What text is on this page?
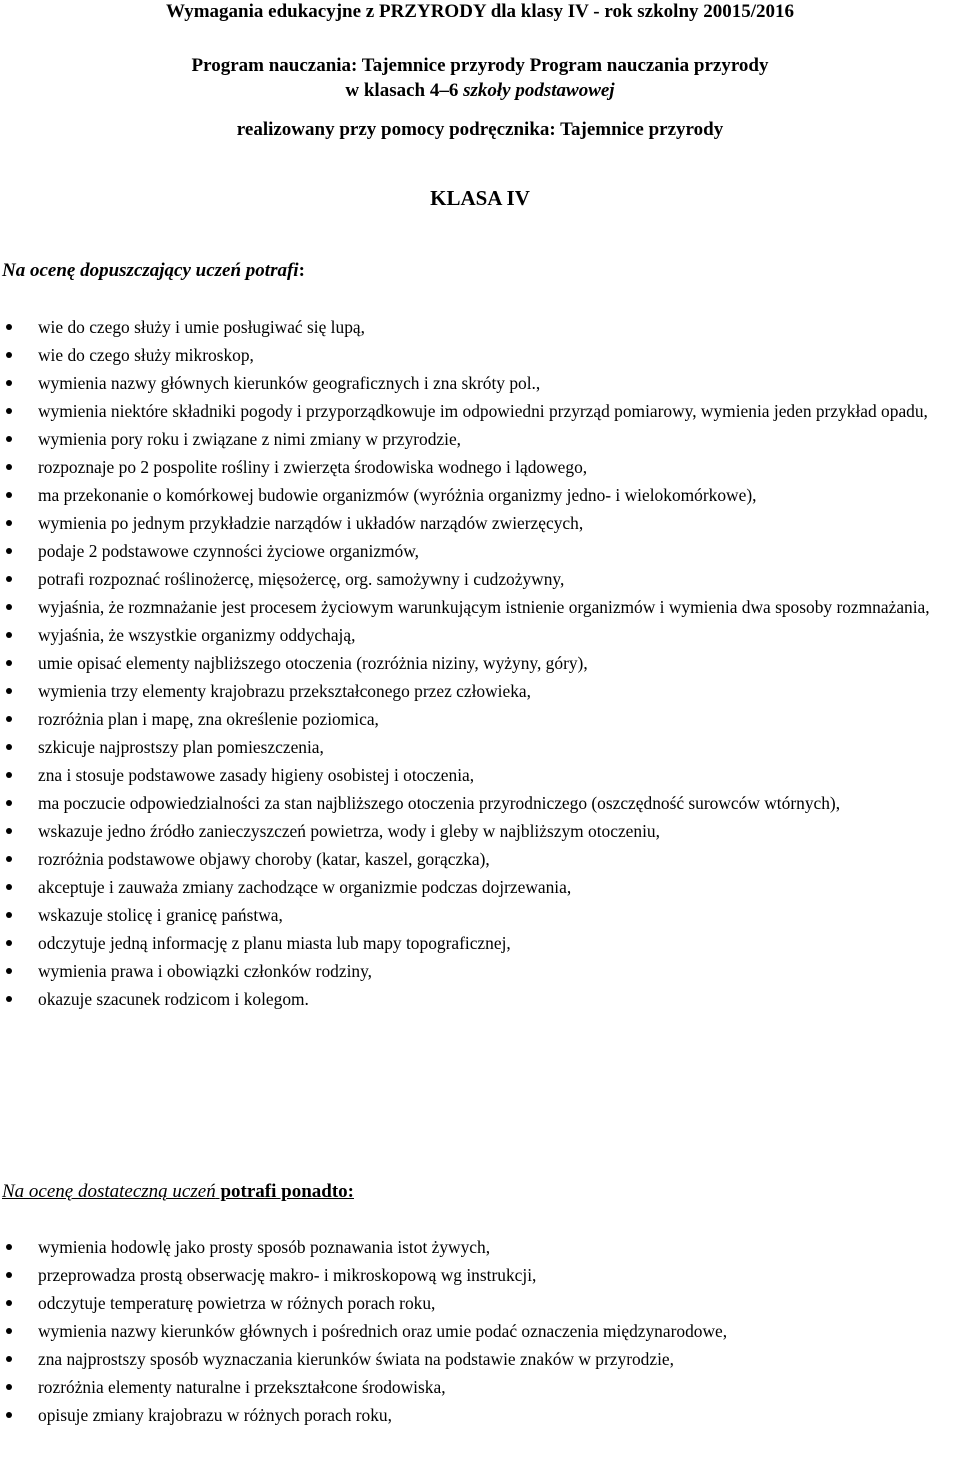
Wymagania edukacyjne z PRZYRODY dla klasy IV - rok szkolny 20015/2016
Program nauczania: Tajemnice przyrody Program nauczania przyrody
w klasach 4–6 szkoły podstawowej
realizowany przy pomocy podręcznika: Tajemnice przyrody
KLASA IV
Na ocenę dopuszczający uczeń potrafi:
wie do czego służy i umie posługiwać się lupą,
wie do czego służy mikroskop,
wymienia nazwy głównych kierunków geograficznych i zna skróty pol.,
wymienia niektóre składniki pogody i przyporządkowuje im odpowiedni przyrząd pomiarowy, wymienia jeden przykład opadu,
wymienia pory roku i związane z nimi zmiany w przyrodzie,
rozpoznaje po 2 pospolite rośliny i zwierzęta środowiska wodnego i lądowego,
ma przekonanie o komórkowej budowie organizmów (wyróżnia organizmy jedno- i wielokomórkowe),
wymienia po jednym przykładzie narządów i układów narządów zwierzęcych,
podaje 2 podstawowe czynności życiowe organizmów,
potrafi rozpoznać roślinożercę, mięsożercę, org. samożywny i cudzożywny,
wyjaśnia, że rozmnażanie jest procesem życiowym warunkującym istnienie organizmów i wymienia dwa sposoby rozmnażania,
wyjaśnia, że wszystkie organizmy oddychają,
umie opisać elementy najbliższego otoczenia (rozróżnia niziny, wyżyny, góry),
wymienia trzy elementy krajobrazu przekształconego przez człowieka,
rozróżnia plan i mapę, zna określenie poziomica,
szkicuje najprostszy plan pomieszczenia,
zna i stosuje podstawowe zasady higieny osobistej i otoczenia,
ma poczucie odpowiedzialności za stan najbliższego otoczenia przyrodniczego (oszczędność surowców wtórnych),
wskazuje jedno źródło zanieczyszczeń powietrza, wody i gleby w najbliższym otoczeniu,
rozróżnia podstawowe objawy choroby (katar, kaszel, gorączka),
akceptuje i zauważa zmiany zachodzące w organizmie podczas dojrzewania,
wskazuje stolicę i granicę państwa,
odczytuje jedną informację z planu miasta lub mapy topograficznej,
wymienia prawa i obowiązki członków rodziny,
okazuje szacunek rodzicom i kolegom.
Na ocenę dostateczną uczeń potrafi ponadto:
wymienia hodowlę jako prosty sposób poznawania istot żywych,
przeprowadza prostą obserwację makro- i mikroskopową wg instrukcji,
odczytuje temperaturę powietrza w różnych porach roku,
wymienia nazwy kierunków głównych i pośrednich oraz umie podać oznaczenia międzynarodowe,
zna najprostszy sposób wyznaczania kierunków świata na podstawie znaków w przyrodzie,
rozróżnia elementy naturalne i przekształcone środowiska,
opisuje zmiany krajobrazu w różnych porach roku,
